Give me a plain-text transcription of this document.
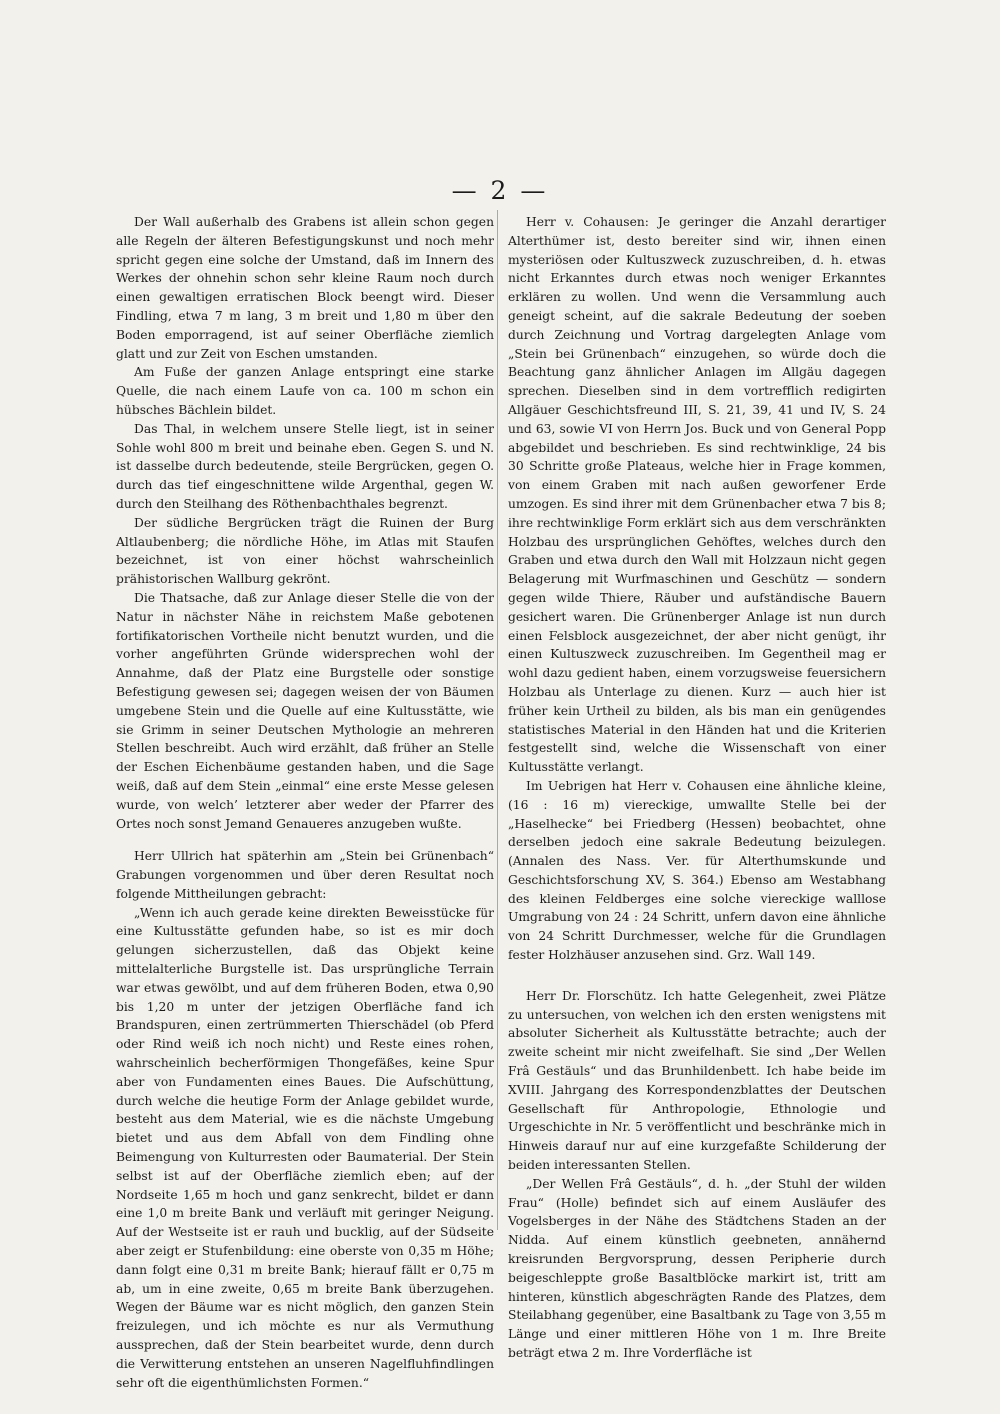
— 2 —

Der Wall außerhalb des Grabens ist allein schon gegen alle Regeln der älteren Befestigungskunst und noch mehr spricht gegen eine solche der Umstand, daß im Innern des Werkes der ohnehin schon sehr kleine Raum noch durch einen gewaltigen erratischen Block beengt wird. Dieser Findling, etwa 7 m lang, 3 m breit und 1,80 m über den Boden emporragend, ist auf seiner Oberfläche ziemlich glatt und zur Zeit von Eschen umstanden.

Am Fuße der ganzen Anlage entspringt eine starke Quelle, die nach einem Laufe von ca. 100 m schon ein hübsches Bächlein bildet.

Das Thal, in welchem unsere Stelle liegt, ist in seiner Sohle wohl 800 m breit und beinahe eben. Gegen S. und N. ist dasselbe durch bedeutende, steile Bergrücken, gegen O. durch das tief eingeschnittene wilde Argenthal, gegen W. durch den Steilhang des Röthenbachthales begrenzt.

Der südliche Bergrücken trägt die Ruinen der Burg Altlaubenberg; die nördliche Höhe, im Atlas mit Staufen bezeichnet, ist von einer höchst wahrscheinlich prähistorischen Wallburg gekrönt.

Die Thatsache, daß zur Anlage dieser Stelle die von der Natur in nächster Nähe in reichstem Maße gebotenen fortifikatorischen Vortheile nicht benutzt wurden, und die vorher angeführten Gründe widersprechen wohl der Annahme, daß der Platz eine Burgstelle oder sonstige Befestigung gewesen sei; dagegen weisen der von Bäumen umgebene Stein und die Quelle auf eine Kultusstätte, wie sie Grimm in seiner Deutschen Mythologie an mehreren Stellen beschreibt. Auch wird erzählt, daß früher an Stelle der Eschen Eichenbäume gestanden haben, und die Sage weiß, daß auf dem Stein „einmal“ eine erste Messe gelesen wurde, von welch’ letzterer aber weder der Pfarrer des Ortes noch sonst Jemand Genaueres anzugeben wußte.

Herr Ullrich hat späterhin am „Stein bei Grünenbach“ Grabungen vorgenommen und über deren Resultat noch folgende Mittheilungen gebracht:

„Wenn ich auch gerade keine direkten Beweisstücke für eine Kultusstätte gefunden habe, so ist es mir doch gelungen sicherzustellen, daß das Objekt keine mittelalterliche Burgstelle ist. Das ursprüngliche Terrain war etwas gewölbt, und auf dem früheren Boden, etwa 0,90 bis 1,20 m unter der jetzigen Oberfläche fand ich Brandspuren, einen zertrümmerten Thierschädel (ob Pferd oder Rind weiß ich noch nicht) und Reste eines rohen, wahrscheinlich becherförmigen Thongefäßes, keine Spur aber von Fundamenten eines Baues. Die Aufschüttung, durch welche die heutige Form der Anlage gebildet wurde, besteht aus dem Material, wie es die nächste Umgebung bietet und aus dem Abfall von dem Findling ohne Beimengung von Kulturresten oder Baumaterial. Der Stein selbst ist auf der Oberfläche ziemlich eben; auf der Nordseite 1,65 m hoch und ganz senkrecht, bildet er dann eine 1,0 m breite Bank und verläuft mit geringer Neigung. Auf der Westseite ist er rauh und bucklig, auf der Südseite aber zeigt er Stufenbildung: eine oberste von 0,35 m Höhe; dann folgt eine 0,31 m breite Bank; hierauf fällt er 0,75 m ab, um in eine zweite, 0,65 m breite Bank überzugehen. Wegen der Bäume war es nicht möglich, den ganzen Stein freizulegen, und ich möchte es nur als Vermuthung aussprechen, daß der Stein bearbeitet wurde, denn durch die Verwitterung entstehen an unseren Nagelfluhfindlingen sehr oft die eigenthümlichsten Formen.“

Herr v. Cohausen: Je geringer die Anzahl derartiger Alterthümer ist, desto bereiter sind wir, ihnen einen mysteriösen oder Kultuszweck zuzuschreiben, d. h. etwas nicht Erkanntes durch etwas noch weniger Erkanntes erklären zu wollen. Und wenn die Versammlung auch geneigt scheint, auf die sakrale Bedeutung der soeben durch Zeichnung und Vortrag dargelegten Anlage vom „Stein bei Grünenbach“ einzugehen, so würde doch die Beachtung ganz ähnlicher Anlagen im Allgäu dagegen sprechen. Dieselben sind in dem vortrefflich redigirten Allgäuer Geschichtsfreund III, S. 21, 39, 41 und IV, S. 24 und 63, sowie VI von Herrn Jos. Buck und von General Popp abgebildet und beschrieben. Es sind rechtwinklige, 24 bis 30 Schritte große Plateaus, welche hier in Frage kommen, von einem Graben mit nach außen geworfener Erde umzogen. Es sind ihrer mit dem Grünenbacher etwa 7 bis 8; ihre rechtwinklige Form erklärt sich aus dem verschränkten Holzbau des ursprünglichen Gehöftes, welches durch den Graben und etwa durch den Wall mit Holzzaun nicht gegen Belagerung mit Wurfmaschinen und Geschütz — sondern gegen wilde Thiere, Räuber und aufständische Bauern gesichert waren. Die Grünenberger Anlage ist nun durch einen Felsblock ausgezeichnet, der aber nicht genügt, ihr einen Kultuszweck zuzuschreiben. Im Gegentheil mag er wohl dazu gedient haben, einem vorzugsweise feuersichern Holzbau als Unterlage zu dienen. Kurz — auch hier ist früher kein Urtheil zu bilden, als bis man ein genügendes statistisches Material in den Händen hat und die Kriterien festgestellt sind, welche die Wissenschaft von einer Kultusstätte verlangt.

Im Uebrigen hat Herr v. Cohausen eine ähnliche kleine, (16 : 16 m) viereckige, umwallte Stelle bei der „Haselhecke“ bei Friedberg (Hessen) beobachtet, ohne derselben jedoch eine sakrale Bedeutung beizulegen. (Annalen des Nass. Ver. für Alterthumskunde und Geschichtsforschung XV, S. 364.) Ebenso am Westabhang des kleinen Feldberges eine solche viereckige walllose Umgrabung von 24 : 24 Schritt, unfern davon eine ähnliche von 24 Schritt Durchmesser, welche für die Grundlagen fester Holzhäuser anzusehen sind. Grz. Wall 149.

Herr Dr. Florschütz. Ich hatte Gelegenheit, zwei Plätze zu untersuchen, von welchen ich den ersten wenigstens mit absoluter Sicherheit als Kultusstätte betrachte; auch der zweite scheint mir nicht zweifelhaft. Sie sind „Der Wellen Frâ Gestäuls“ und das Brunhildenbett. Ich habe beide im XVIII. Jahrgang des Korrespondenzblattes der Deutschen Gesellschaft für Anthropologie, Ethnologie und Urgeschichte in Nr. 5 veröffentlicht und beschränke mich in Hinweis darauf nur auf eine kurzgefaßte Schilderung der beiden interessanten Stellen.

„Der Wellen Frâ Gestäuls“, d. h. „der Stuhl der wilden Frau“ (Holle) befindet sich auf einem Ausläufer des Vogelsberges in der Nähe des Städtchens Staden an der Nidda. Auf einem künstlich geebneten, annähernd kreisrunden Bergvorsprung, dessen Peripherie durch beigeschleppte große Basaltblöcke markirt ist, tritt am hinteren, künstlich abgeschrägten Rande des Platzes, dem Steilabhang gegenüber, eine Basaltbank zu Tage von 3,55 m Länge und einer mittleren Höhe von 1 m. Ihre Breite beträgt etwa 2 m. Ihre Vorderfläche ist
